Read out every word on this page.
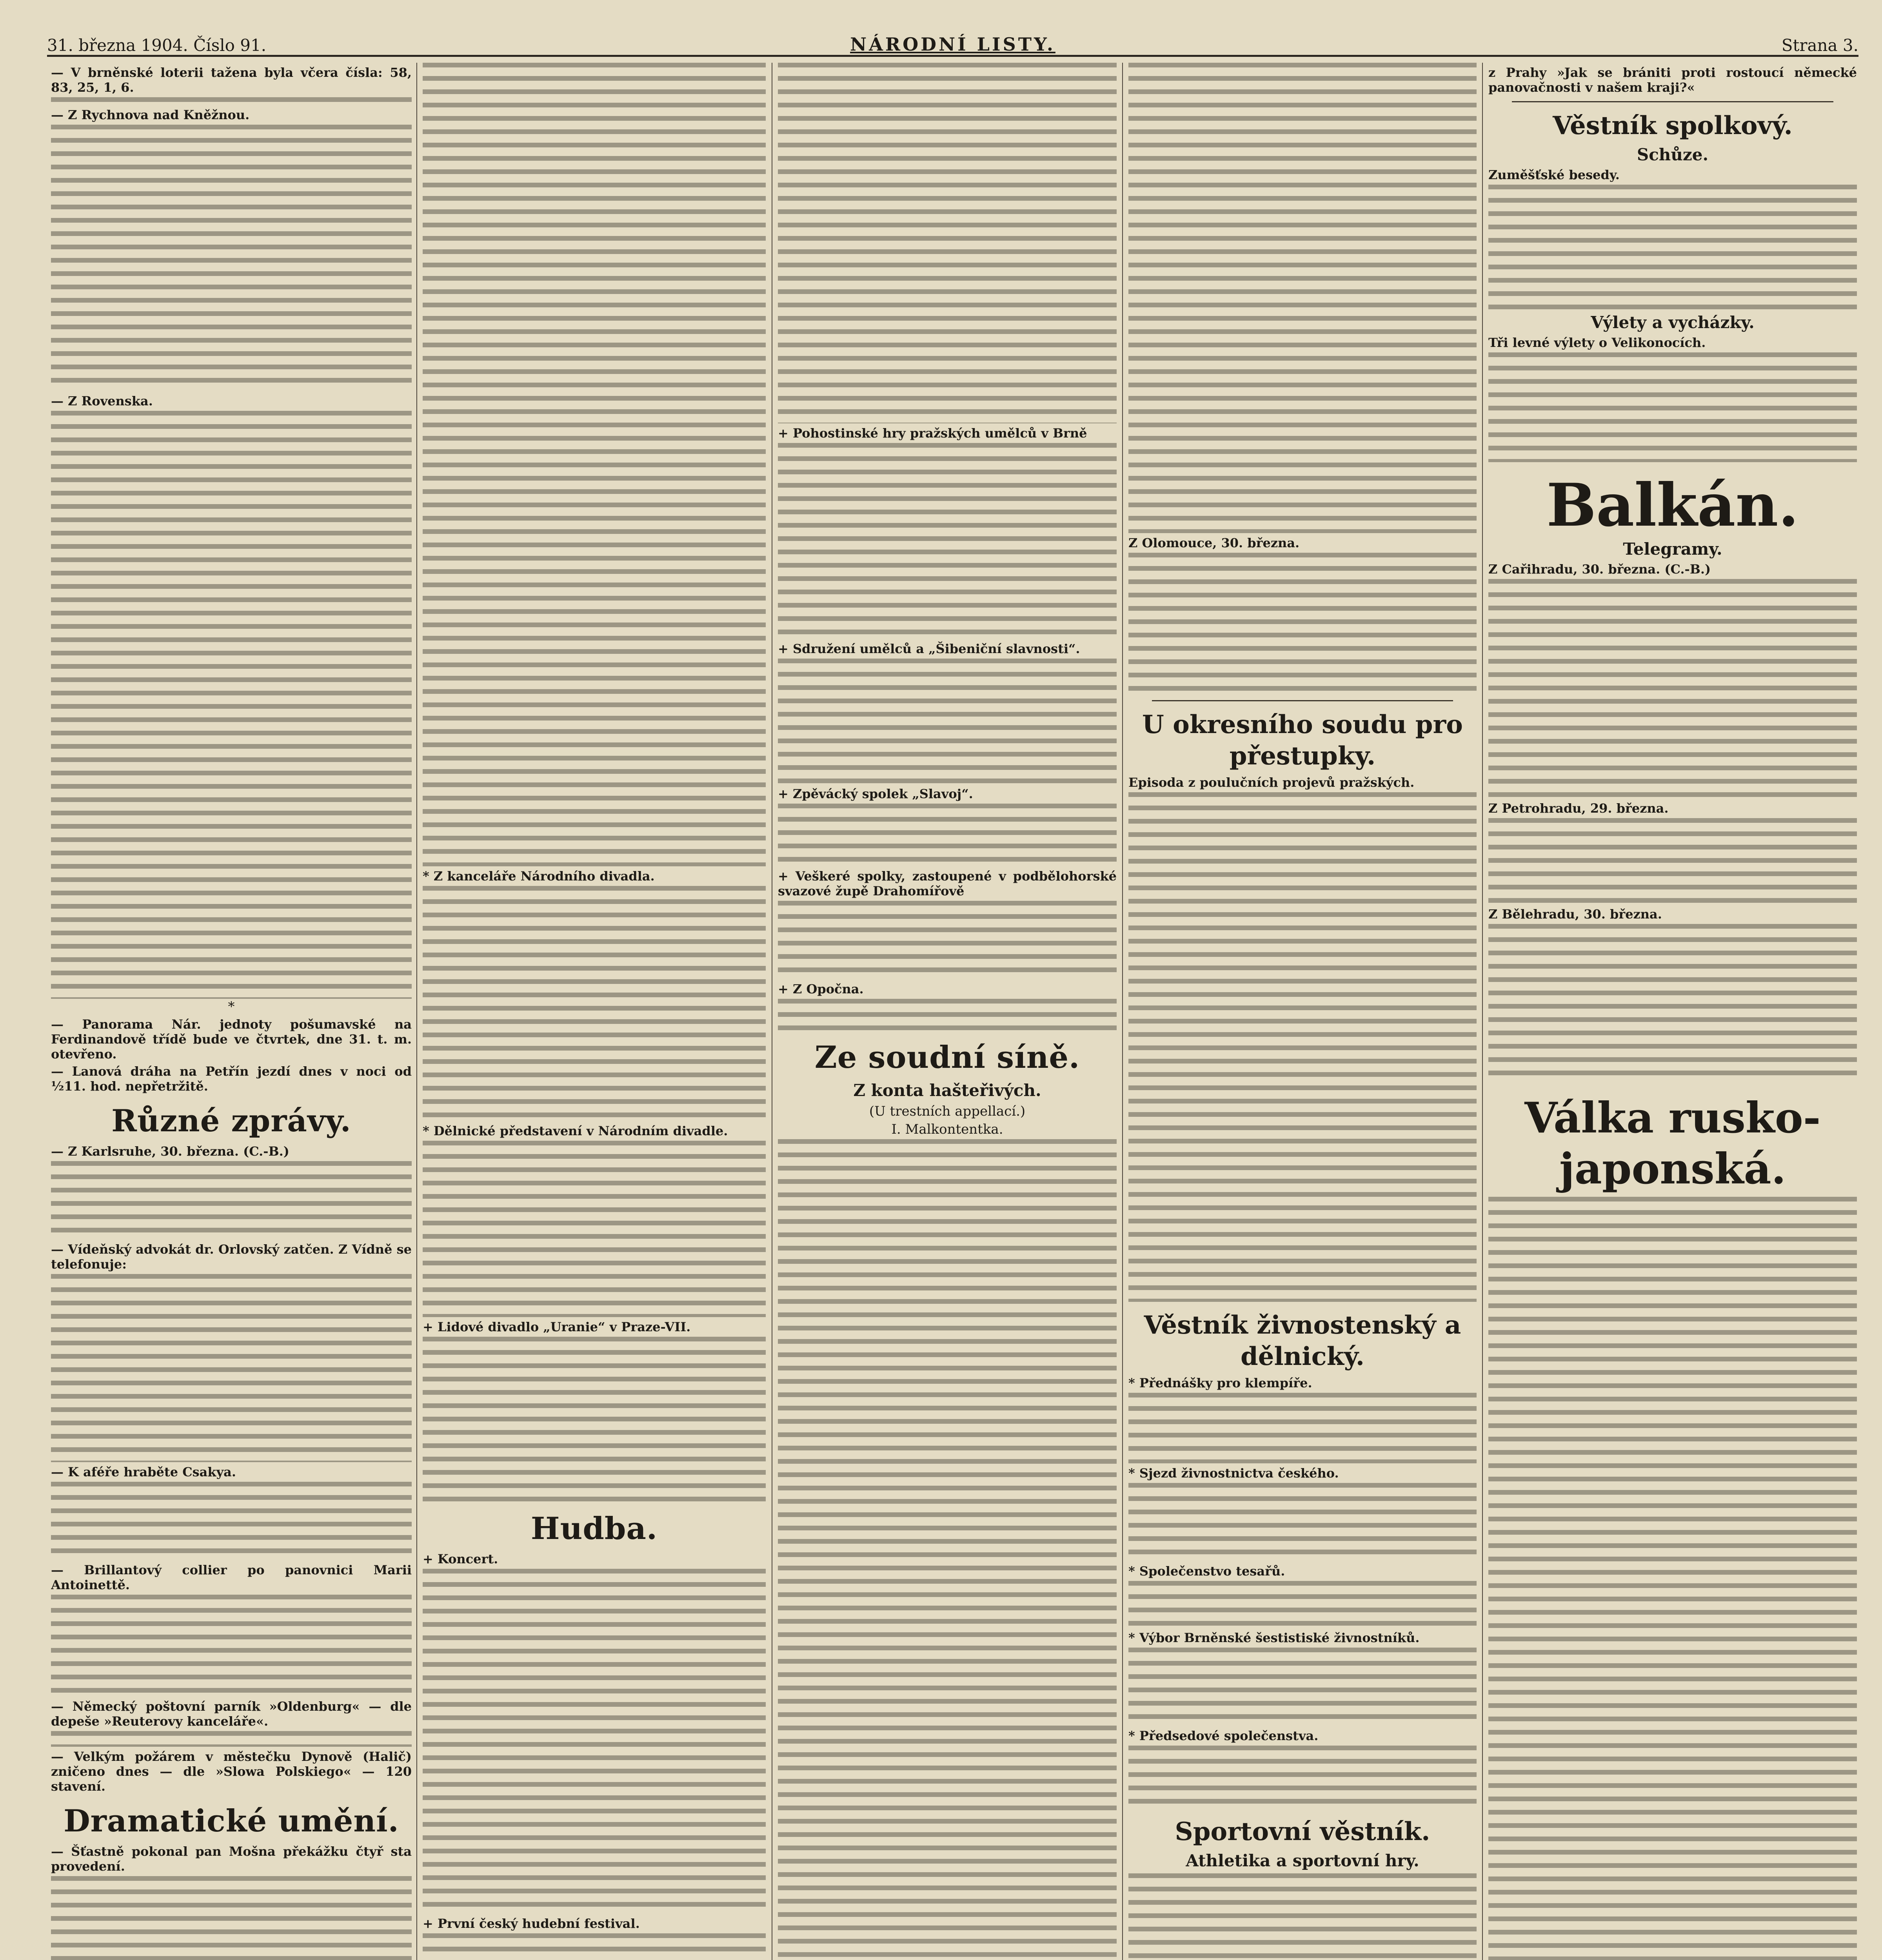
31. března 1904. Číslo 91.	NÁRODNÍ LISTY.	Strana 3.
— V brněnské loterii tažena byla včera čísla: 58, 83, 25, 1, 6.
— Z Rychnova nad Kněžnou.
— Z Rovenska.
*
— Panorama Nár. jednoty pošumavské na Ferdinandově třídě bude ve čtvrtek, dne 31. t. m. otevřeno.
— Lanová dráha na Petřín jezdí dnes v noci od ½11. hod. nepřetržitě.
Různé zprávy.
— Z Karlsruhe, 30. března. (C.-B.)
— Vídeňský advokát dr. Orlovský zatčen. Z Vídně se telefonuje:
— K aféře hraběte Csakya.
— Brillantový collier po panovnici Marii Antoinettě.
— Německý poštovní parník »Oldenburg« — dle depeše »Reuterovy kanceláře«.
— Velkým požárem v městečku Dynově (Halič) zničeno dnes — dle »Slowa Polskiego« — 120 stavení.
Dramatické umění.
— Šťastně pokonal pan Mošna překážku čtyř sta provedení.
* Z kanceláře Národního divadla.
* Dělnické představení v Národním divadle.
+ Lidové divadlo „Uranie“ v Praze-VII.
Hudba.
+ Koncert.
+ První český hudební festival.
+ Pohostinské hry pražských umělců v Brně
+ Sdružení umělců a „Šibeniční slavnosti“.
+ Zpěvácký spolek „Slavoj“.
+ Veškeré spolky, zastoupené v podbělohorské svazové župě Drahomířově
+ Z Opočna.
Ze soudní síně.
Z konta hašteřivých.
(U trestních appellací.)
I. Malkontentka.
Z Olomouce, 30. března.
U okresního soudu pro přestupky.
Episoda z poulučních projevů pražských.
Věstník živnostenský a dělnický.
* Přednášky pro klempíře.
* Sjezd živnostnictva českého.
* Společenstvo tesařů.
* Výbor Brněnské šestistiské živnostníků.
* Předsedové společenstva.
Sportovní věstník.
Athletika a sportovní hry.
z Prahy »Jak se brániti proti rostoucí německé panovačnosti v našem kraji?«
Věstník spolkový.
Schůze.
Zuměšťské besedy.
Výlety a vycházky.
Tři levné výlety o Velikonocích.
Balkán.
Telegramy.
Z Cařihradu, 30. března. (C.-B.)
Z Petrohradu, 29. března.
Z Bělehradu, 30. března.
Válka rusko-japonská.
